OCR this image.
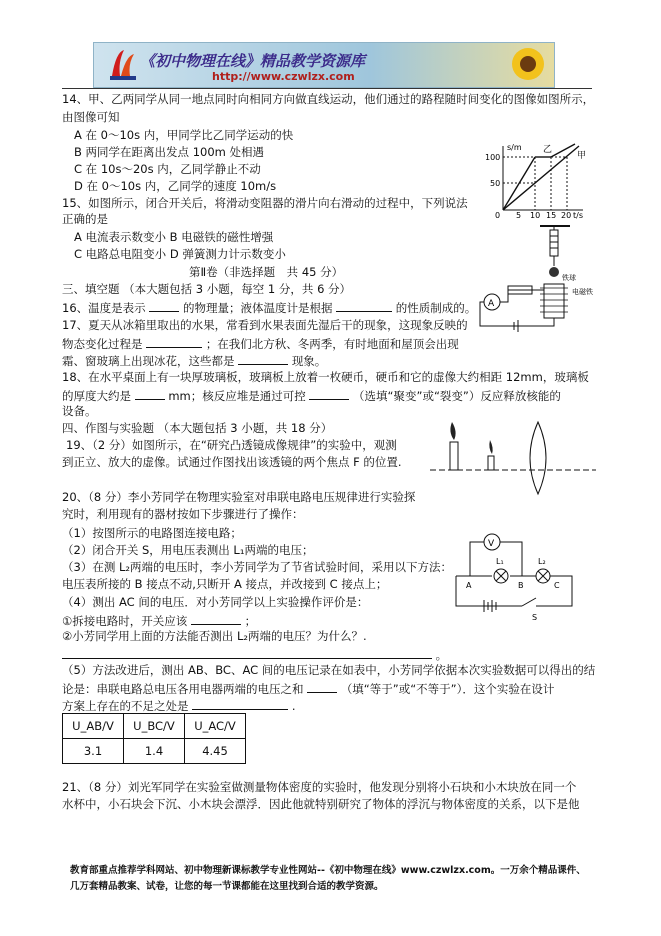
《初中物理在线》精品教学资源库
http://www.czwlzx.com
14、甲、乙两同学从同一地点同时向相同方向做直线运动，他们通过的路程随时间变化的图像如图所示，
由图像可知
A 在 0～10s 内，甲同学比乙同学运动的快
B 两同学在距离出发点 100m 处相遇
C 在 10s～20s 内，乙同学静止不动
D 在 0～10s 内，乙同学的速度 10m/s
s/m 乙
甲
100
50
0 5 10 15 20 t/s
15、如图所示，闭合开关后，将滑动变阻器的滑片向右滑动的过程中，下列说法
正确的是
A 电流表示数变小 B 电磁铁的磁性增强
C 电路总电阻变小 D 弹簧测力计示数变小
铁球
电磁铁
A
第Ⅱ卷（非选择题　共 45 分）
三、填空题 （本大题包括 3 小题，每空 1 分，共 6 分）
16、温度是表示	的物理量；液体温度计是根据	的性质制成的。
17、夏天从冰箱里取出的水果，常看到水果表面先湿后干的现象，这现象反映的
物态变化过程是	；在我们北方秋、冬两季，有时地面和屋顶会出现
霜、窗玻璃上出现冰花，这些都是	现象。
18、在水平桌面上有一块厚玻璃板，玻璃板上放着一枚硬币，硬币和它的虚像大约相距 12mm，玻璃板
的厚度大约是	mm；核反应堆是通过可控	（选填“聚变”或“裂变”）反应释放核能的
设备。
四、作图与实验题 （本大题包括 3 小题，共 18 分）
19、（2 分）如图所示，在“研究凸透镜成像规律”的实验中，观测
到正立、放大的虚像。试通过作图找出该透镜的两个焦点 F 的位置.
20、（8 分）李小芳同学在物理实验室对串联电路电压规律进行实验探
究时，利用现有的器材按如下步骤进行了操作：
（1）按图所示的电路图连接电路；
（2）闭合开关 S，用电压表测出 L₁两端的电压；
（3）在测 L₂两端的电压时，李小芳同学为了节省试验时间，采用以下方法：
电压表所接的 B 接点不动,只断开 A 接点，并改接到 C 接点上；
（4）测出 AC 间的电压．对小芳同学以上实验操作评价是：
①拆接电路时，开关应该	；
②小芳同学用上面的方法能否测出 L₂两端的电压？为什么？.
。
V
L₁	L₂
A	B	C
S
（5）方法改进后，测出 AB、BC、AC 间的电压记录在如表中，小芳同学依据本次实验数据可以得出的结
论是：串联电路总电压各用电器两端的电压之和	（填“等于”或“不等于”）．这个实验在设计
方案上存在的不足之处是	.
U_AB/V	U_BC/V	U_AC/V
3.1	1.4	4.45
21、（8 分）刘光军同学在实验室做测量物体密度的实验时，他发现分别将小石块和小木块放在同一个
水杯中，小石块会下沉、小木块会漂浮．因此他就特别研究了物体的浮沉与物体密度的关系，以下是他
教育部重点推荐学科网站、初中物理新课标教学专业性网站--《初中物理在线》www.czwlzx.com。一万余个精品课件、
几万套精品教案、试卷，让您的每一节课都能在这里找到合适的教学资源。
